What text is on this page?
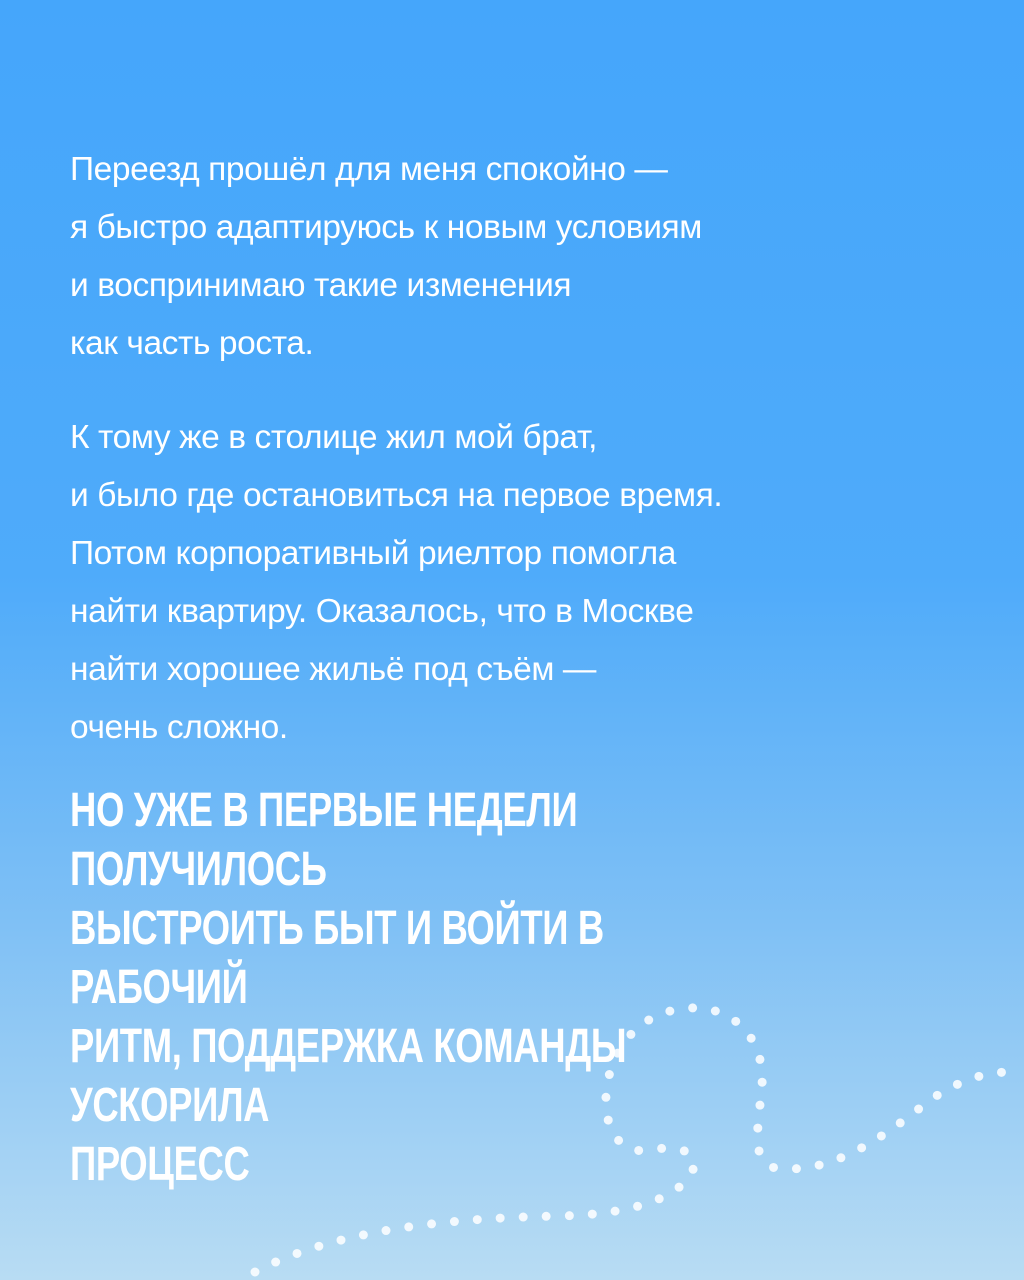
Переезд прошёл для меня спокойно —
я быстро адаптируюсь к новым условиям
и воспринимаю такие изменения
как часть роста.

К тому же в столице жил мой брат,
и было где остановиться на первое время.
Потом корпоративный риелтор помогла
найти квартиру. Оказалось, что в Москве
найти хорошее жильё под съём —
очень сложно.

НО УЖЕ В ПЕРВЫЕ НЕДЕЛИ ПОЛУЧИЛОСЬ
ВЫСТРОИТЬ БЫТ И ВОЙТИ В РАБОЧИЙ
РИТМ, ПОДДЕРЖКА КОМАНДЫ УСКОРИЛА
ПРОЦЕСС
